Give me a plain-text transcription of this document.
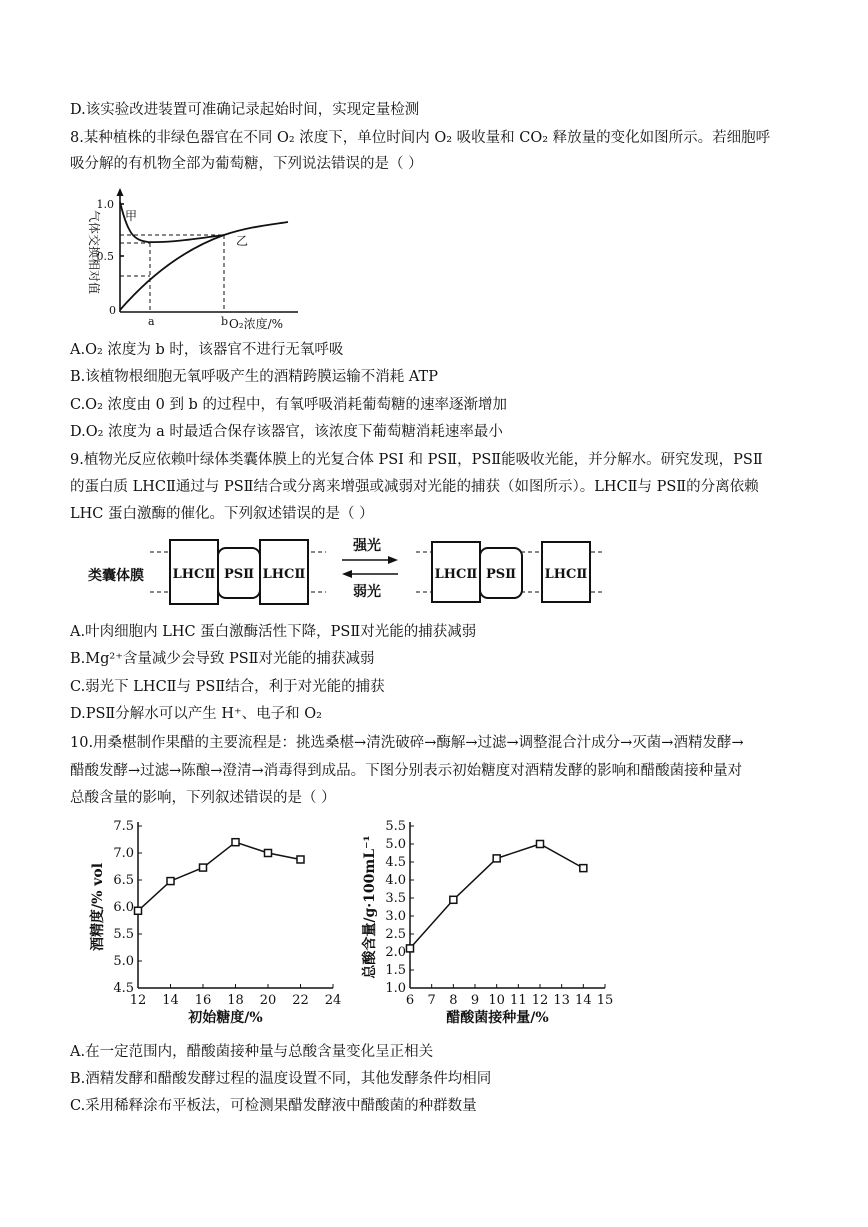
D.该实验改进装置可准确记录起始时间，实现定量检测
8.某种植株的非绿色器官在不同 O₂ 浓度下，单位时间内 O₂ 吸收量和 CO₂ 释放量的变化如图所示。若细胞呼
吸分解的有机物全部为葡萄糖，下列说法错误的是（ ）
气体交换相对值
1.0
0.5
0
甲
乙
a	b O₂浓度/%
A.O₂ 浓度为 b 时，该器官不进行无氧呼吸
B.该植物根细胞无氧呼吸产生的酒精跨膜运输不消耗 ATP
C.O₂ 浓度由 0 到 b 的过程中，有氧呼吸消耗葡萄糖的速率逐渐增加
D.O₂ 浓度为 a 时最适合保存该器官，该浓度下葡萄糖消耗速率最小
9.植物光反应依赖叶绿体类囊体膜上的光复合体 PSI 和 PSⅡ，PSⅡ能吸收光能，并分解水。研究发现，PSⅡ
的蛋白质 LHCⅡ通过与 PSⅡ结合或分离来增强或减弱对光能的捕获（如图所示）。LHCⅡ与 PSⅡ的分离依赖
LHC 蛋白激酶的催化。下列叙述错误的是（ ）
类囊体膜 LHCⅡ PSⅡ LHCⅡ
强光
弱光
LHCⅡ PSⅡ LHCⅡ
A.叶肉细胞内 LHC 蛋白激酶活性下降，PSⅡ对光能的捕获减弱
B.Mg²⁺含量减少会导致 PSⅡ对光能的捕获减弱
C.弱光下 LHCⅡ与 PSⅡ结合，利于对光能的捕获
D.PSⅡ分解水可以产生 H⁺、电子和 O₂
10.用桑椹制作果醋的主要流程是：挑选桑椹→清洗破碎→酶解→过滤→调整混合汁成分→灭菌→酒精发酵→
醋酸发酵→过滤→陈酿→澄清→消毒得到成品。下图分别表示初始糖度对酒精发酵的影响和醋酸菌接种量对
总酸含量的影响，下列叙述错误的是（ ）
7.5
7.0
6.5
6.0
5.5
5.0
4.5
12 14 16 18 20 22 24
初始糖度/%
酒精度/% vol
5.5
5.0
4.5
4.0
3.5
3.0
2.5
2.0
1.5
1.0
6 7 8 9 10 11 12 13 14 15
醋酸菌接种量/%
总酸含量/g·100mL⁻¹
A.在一定范围内，醋酸菌接种量与总酸含量变化呈正相关
B.酒精发酵和醋酸发酵过程的温度设置不同，其他发酵条件均相同
C.采用稀释涂布平板法，可检测果醋发酵液中醋酸菌的种群数量
